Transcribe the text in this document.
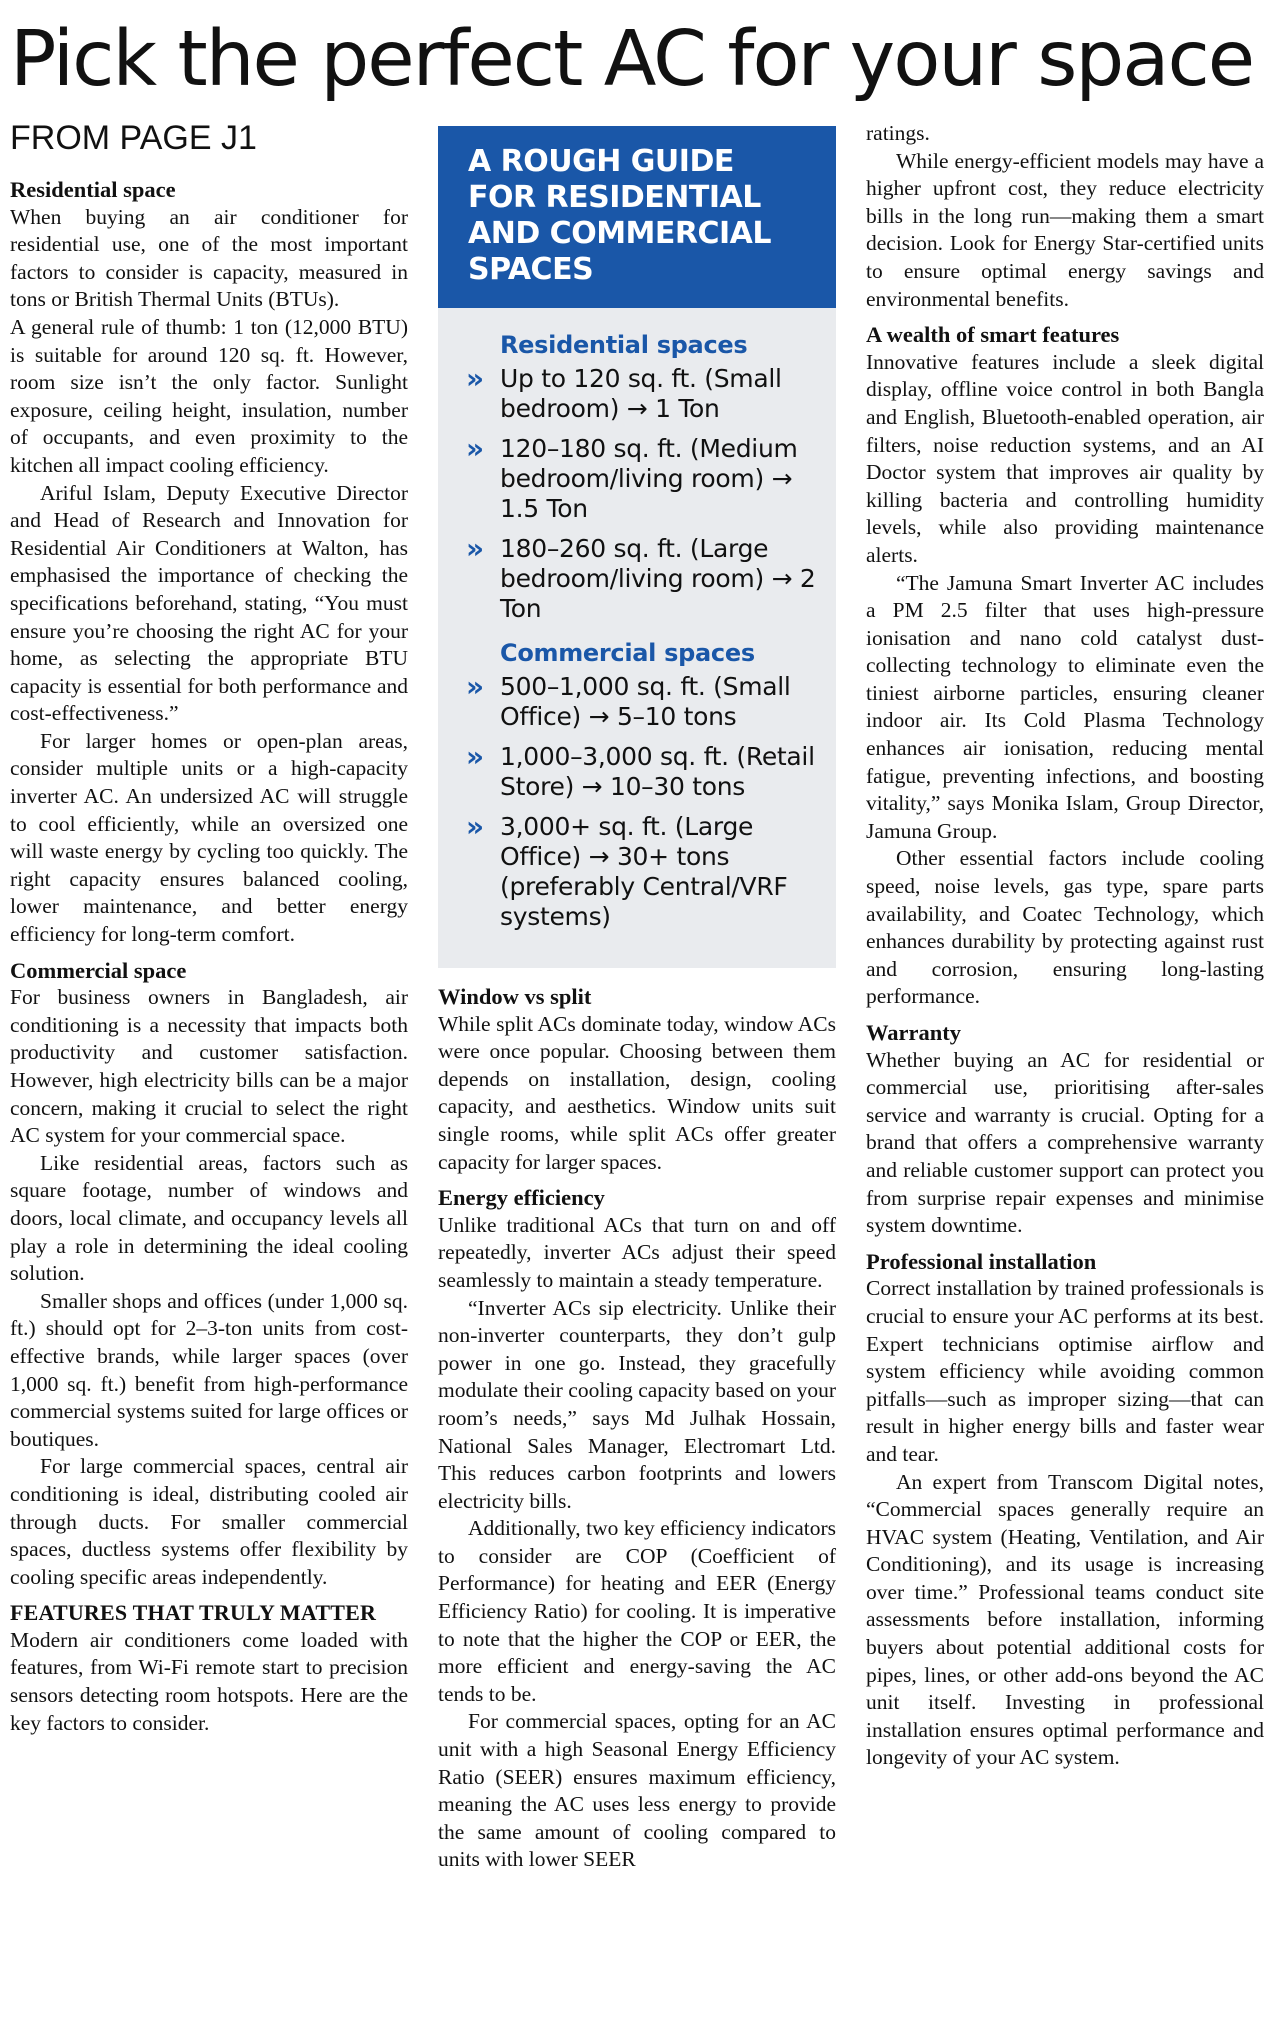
Pick the perfect AC for your space
FROM PAGE J1
Residential space

When buying an air conditioner for residential use, one of the most important factors to consider is capacity, measured in tons or British Thermal Units (BTUs).

A general rule of thumb: 1 ton (12,000 BTU) is suitable for around 120 sq. ft. However, room size isn’t the only factor. Sunlight exposure, ceiling height, insulation, number of occupants, and even proximity to the kitchen all impact cooling efficiency.

Ariful Islam, Deputy Executive Director and Head of Research and Innovation for Residential Air Conditioners at Walton, has emphasised the importance of checking the specifications beforehand, stating, “You must ensure you’re choosing the right AC for your home, as selecting the appropriate BTU capacity is essential for both performance and cost-effectiveness.”

For larger homes or open-plan areas, consider multiple units or a high-capacity inverter AC. An undersized AC will struggle to cool efficiently, while an oversized one will waste energy by cycling too quickly. The right capacity ensures balanced cooling, lower maintenance, and better energy efficiency for long-term comfort.

Commercial space

For business owners in Bangladesh, air conditioning is a necessity that impacts both productivity and customer satisfaction. However, high electricity bills can be a major concern, making it crucial to select the right AC system for your commercial space.

Like residential areas, factors such as square footage, number of windows and doors, local climate, and occupancy levels all play a role in determining the ideal cooling solution.

Smaller shops and offices (under 1,000 sq. ft.) should opt for 2–3-ton units from cost-effective brands, while larger spaces (over 1,000 sq. ft.) benefit from high-performance commercial systems suited for large offices or boutiques.

For large commercial spaces, central air conditioning is ideal, distributing cooled air through ducts. For smaller commercial spaces, ductless systems offer flexibility by cooling specific areas independently.

FEATURES THAT TRULY MATTER

Modern air conditioners come loaded with features, from Wi-Fi remote start to precision sensors detecting room hotspots. Here are the key factors to consider.

A ROUGH GUIDE FOR RESIDENTIAL AND COMMERCIAL SPACES
Residential spaces
» Up to 120 sq. ft. (Small bedroom) → 1 Ton
» 120–180 sq. ft. (Medium bedroom/living room) → 1.5 Ton
» 180–260 sq. ft. (Large bedroom/living room) → 2 Ton
Commercial spaces
» 500–1,000 sq. ft. (Small Office) → 5–10 tons
» 1,000–3,000 sq. ft. (Retail Store) → 10–30 tons
» 3,000+ sq. ft. (Large Office) → 30+ tons (preferably Central/VRF systems)
Window vs split

While split ACs dominate today, window ACs were once popular. Choosing between them depends on installation, design, cooling capacity, and aesthetics. Window units suit single rooms, while split ACs offer greater capacity for larger spaces.

Energy efficiency

Unlike traditional ACs that turn on and off repeatedly, inverter ACs adjust their speed seamlessly to maintain a steady temperature.

“Inverter ACs sip electricity. Unlike their non-inverter counterparts, they don’t gulp power in one go. Instead, they gracefully modulate their cooling capacity based on your room’s needs,” says Md Julhak Hossain, National Sales Manager, Electromart Ltd. This reduces carbon footprints and lowers electricity bills.

Additionally, two key efficiency indicators to consider are COP (Coefficient of Performance) for heating and EER (Energy Efficiency Ratio) for cooling. It is imperative to note that the higher the COP or EER, the more efficient and energy-saving the AC tends to be.

For commercial spaces, opting for an AC unit with a high Seasonal Energy Efficiency Ratio (SEER) ensures maximum efficiency, meaning the AC uses less energy to provide the same amount of cooling compared to units with lower SEER

ratings.

While energy-efficient models may have a higher upfront cost, they reduce electricity bills in the long run—making them a smart decision. Look for Energy Star-certified units to ensure optimal energy savings and environmental benefits.

A wealth of smart features

Innovative features include a sleek digital display, offline voice control in both Bangla and English, Bluetooth-enabled operation, air filters, noise reduction systems, and an AI Doctor system that improves air quality by killing bacteria and controlling humidity levels, while also providing maintenance alerts.

“The Jamuna Smart Inverter AC includes a PM 2.5 filter that uses high-pressure ionisation and nano cold catalyst dust-collecting technology to eliminate even the tiniest airborne particles, ensuring cleaner indoor air. Its Cold Plasma Technology enhances air ionisation, reducing mental fatigue, preventing infections, and boosting vitality,” says Monika Islam, Group Director, Jamuna Group.

Other essential factors include cooling speed, noise levels, gas type, spare parts availability, and Coatec Technology, which enhances durability by protecting against rust and corrosion, ensuring long-lasting performance.

Warranty

Whether buying an AC for residential or commercial use, prioritising after-sales service and warranty is crucial. Opting for a brand that offers a comprehensive warranty and reliable customer support can protect you from surprise repair expenses and minimise system downtime.

Professional installation

Correct installation by trained professionals is crucial to ensure your AC performs at its best. Expert technicians optimise airflow and system efficiency while avoiding common pitfalls—such as improper sizing—that can result in higher energy bills and faster wear and tear.

An expert from Transcom Digital notes, “Commercial spaces generally require an HVAC system (Heating, Ventilation, and Air Conditioning), and its usage is increasing over time.” Professional teams conduct site assessments before installation, informing buyers about potential additional costs for pipes, lines, or other add-ons beyond the AC unit itself. Investing in professional installation ensures optimal performance and longevity of your AC system.
